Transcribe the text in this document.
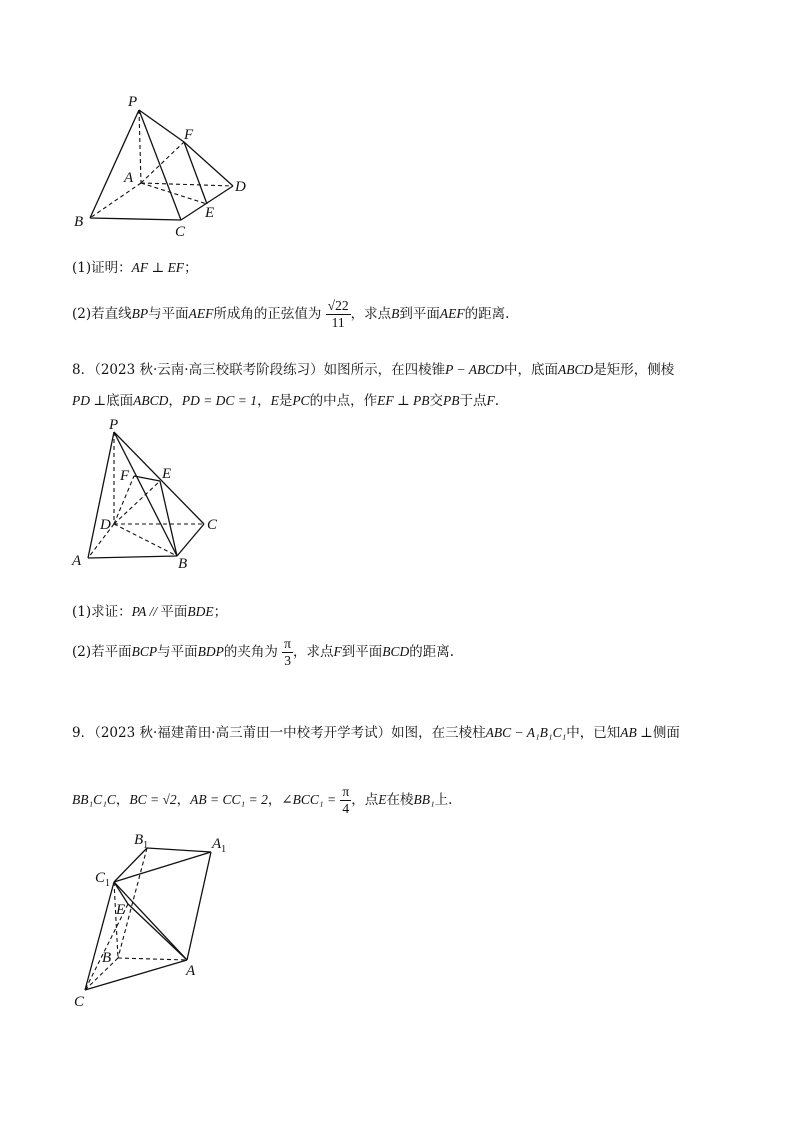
P
F
A
D
E
B
C
(1)证明：AF ⊥ EF；
(2)若直线BP与平面AEF所成角的正弦值为 $\frac{√22}{11}$ ，求点B到平面AEF的距离.
8．（2023 秋·云南·高三校联考阶段练习）如图所示，在四棱锥P − ABCD中，底面ABCD是矩形，侧棱
PD ⊥底面ABCD，PD = DC = 1，E是PC的中点，作EF ⊥ PB交PB于点F.
P
F E
D	C
A	B
(1)求证：PA // 平面BDE；
(2)若平面BCP与平面BDP的夹角为 $\frac{\pi}{3}$ ，求点F到平面BCD的距离.
9．（2023 秋·福建莆田·高三莆田一中校考开学考试）如图，在三棱柱ABC − A₁B₁C₁中，已知AB ⊥侧面
BB₁C₁C，BC = √2，AB = CC₁ = 2，∠BCC₁ = $\frac{\pi}{4}$ ，点E在棱BB₁上.
$B_1$	$A_1$
$C_1$
E
B
A
C
